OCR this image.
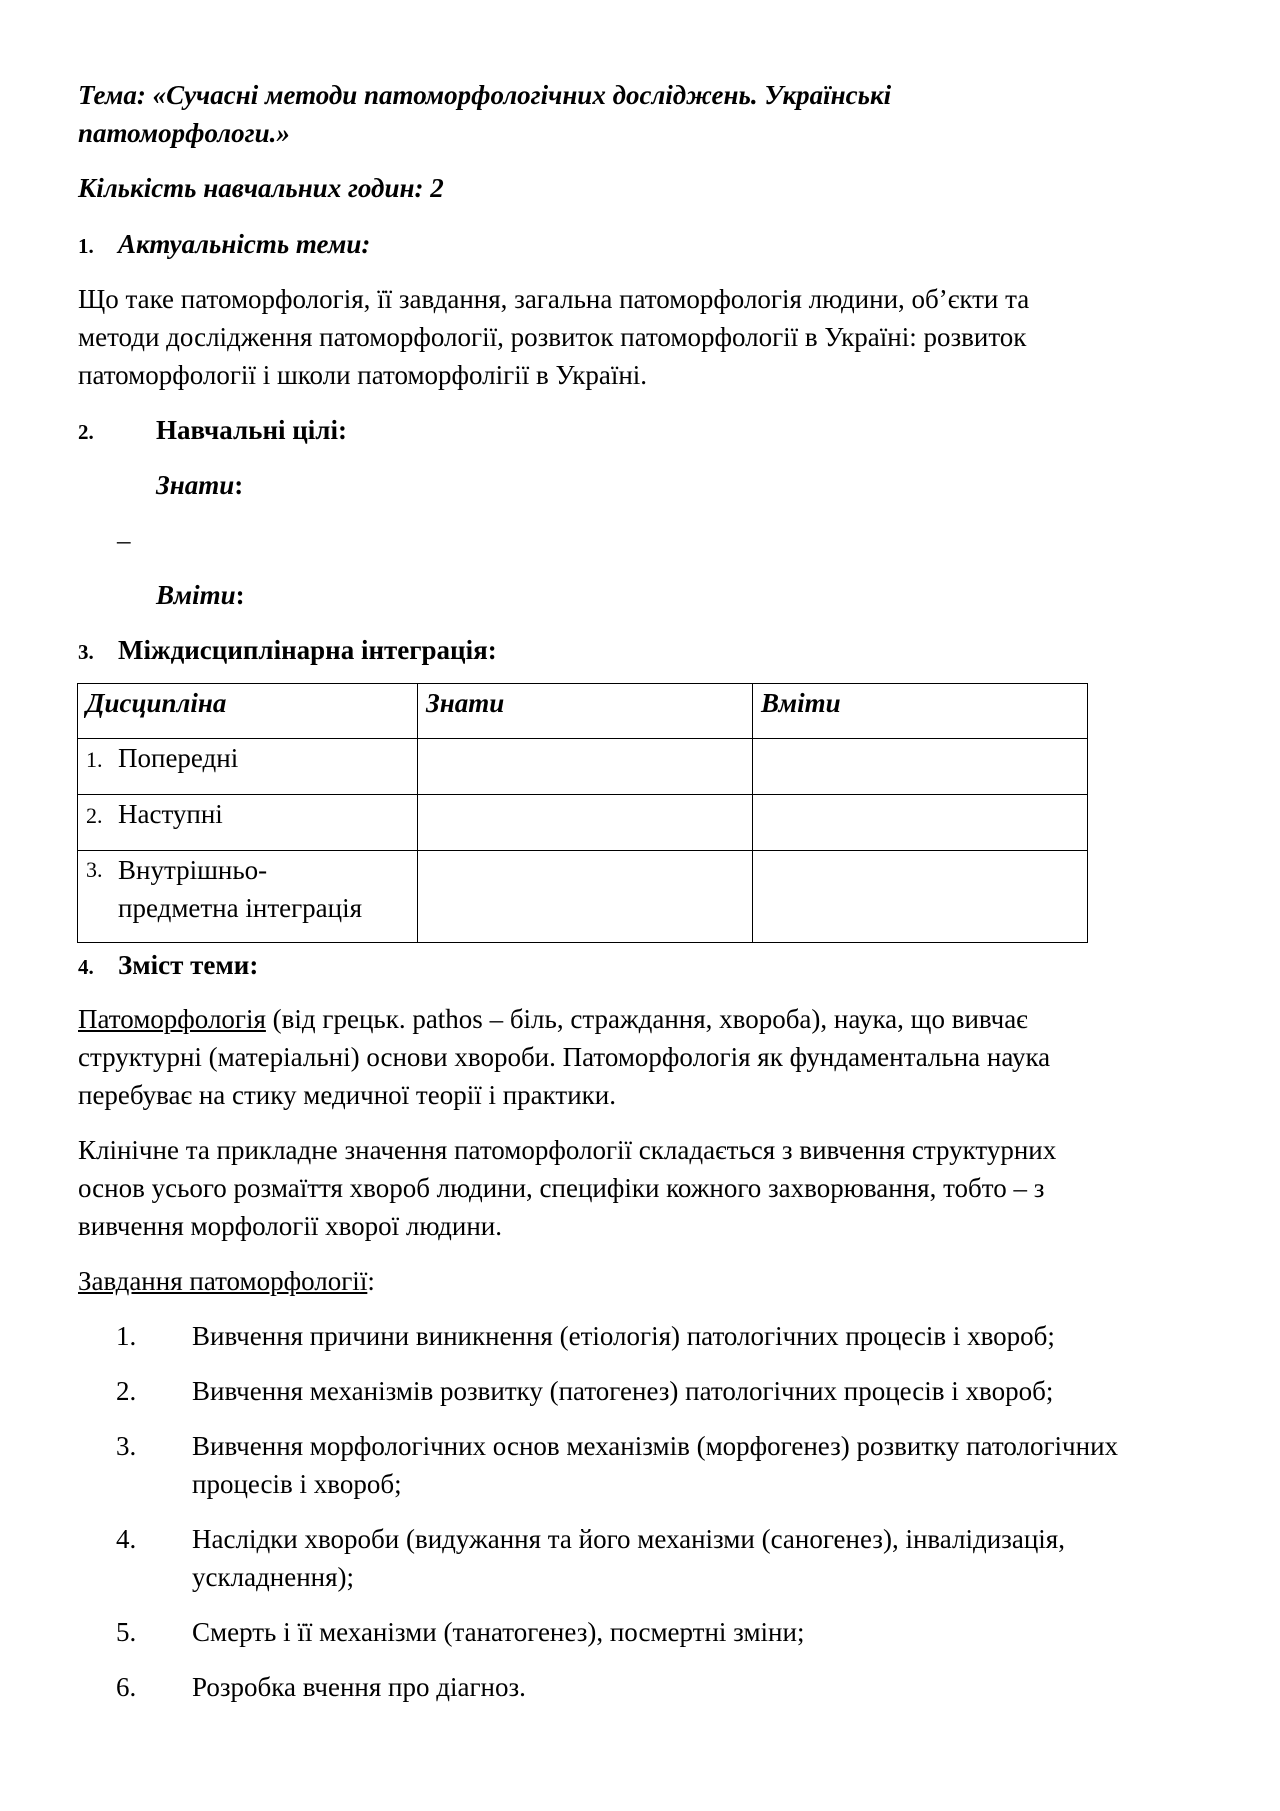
Тема: «Сучасні методи патоморфологічних досліджень. Українські
патоморфологи.»
Кількість навчальних годин: 2
1. Актуальність теми:
Що таке патоморфологія, її завдання, загальна патоморфологія людини, об’єкти та
методи дослідження патоморфології, розвиток патоморфології в Україні: розвиток
патоморфології і школи патоморфолігії в Україні.
2. Навчальні цілі:
Знати:
–
Вміти:
3. Міждисциплінарна інтеграція:
Дисципліна	Знати	Вміти
1. Попередні		
2. Наступні		
3. Внутрішньо-
предметна інтеграція		

4. Зміст теми:
Патоморфологія (від грецьк. pathos – біль, страждання, хвороба), наука, що вивчає
структурні (матеріальні) основи хвороби. Патоморфологія як фундаментальна наука
перебуває на стику медичної теорії і практики.
Клінічне та прикладне значення патоморфології складається з вивчення структурних
основ усього розмаїття хвороб людини, специфіки кожного захворювання, тобто – з
вивчення морфології хворої людини.
Завдання патоморфології:
1.	Вивчення причини виникнення (етіологія) патологічних процесів і хвороб;
2.	Вивчення механізмів розвитку (патогенез) патологічних процесів і хвороб;
3.	Вивчення морфологічних основ механізмів (морфогенез) розвитку патологічних
процесів і хвороб;
4.	Наслідки хвороби (видужання та його механізми (саногенез), інвалідизація,
ускладнення);
5.	Смерть і її механізми (танатогенез), посмертні зміни;
6.	Розробка вчення про діагноз.
